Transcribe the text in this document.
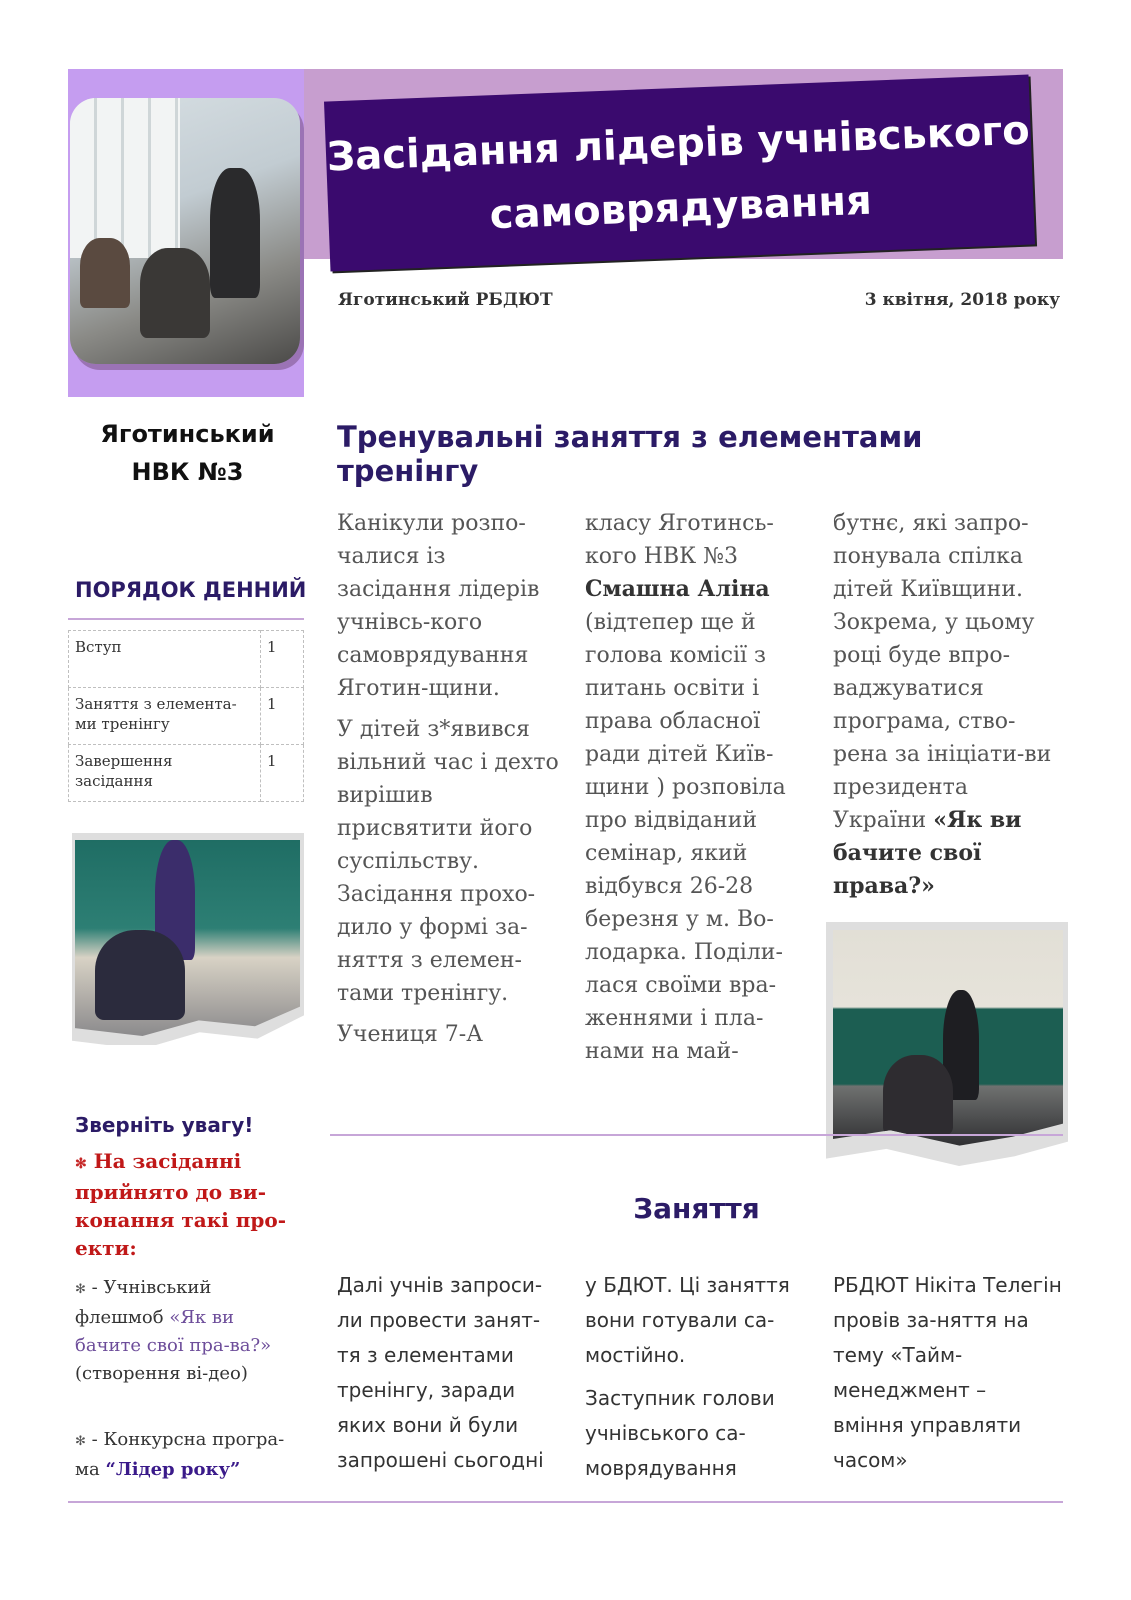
Засідання лідерів учнівського
самоврядування
Яготинський РБДЮТ	3 квітня, 2018 року
Яготинський
НВК №3
ПОРЯДОК ДЕННИЙ
Вступ	1
Заняття з елемента-ми тренінгу	1
Завершення засідання	1
Зверніть увагу!
✻ На засіданні прийнято до ви-конання такі про-екти:
✻ - Учнівський флешмоб «Як ви бачите свої пра-ва?» (створення ві-део)
✻ - Конкурсна програ-ма “Лідер року”
Тренувальні заняття з елементами тренінгу

Канікули розпо-чалися із засідання лідерів учнівсь-кого самоврядування Яготин-щини.

У дітей з*явився вільний час і дехто вирішив присвятити його суспільству. Засідання прохо-дило у формі за-няття з елемен-тами тренінгу.

Учениця 7-А

класу Яготинсь-кого НВК №3 Смашна Аліна (відтепер ще й голова комісії з питань освіти і права обласної ради дітей Київ-щини ) розповіла про відвіданий семінар, який відбувся 26-28 березня у м. Во-лодарка. Поділи-лася своїми вра-женнями і пла-нами на май-

бутнє, які запро-понувала спілка дітей Київщини. Зокрема, у цьому році буде впро-ваджуватися програма, ство-рена за ініціати-ви президента України «Як ви бачите свої права?»

Заняття

Далі учнів запроси-ли провести занят-тя з елементами тренінгу, заради яких вони й були запрошені сьогодні

у БДЮТ. Ці заняття вони готували са-мостійно.

Заступник голови учнівського са-моврядування

РБДЮТ Нікіта Телегін провів за-няття на тему «Тайм-менеджмент – вміння управляти часом»
